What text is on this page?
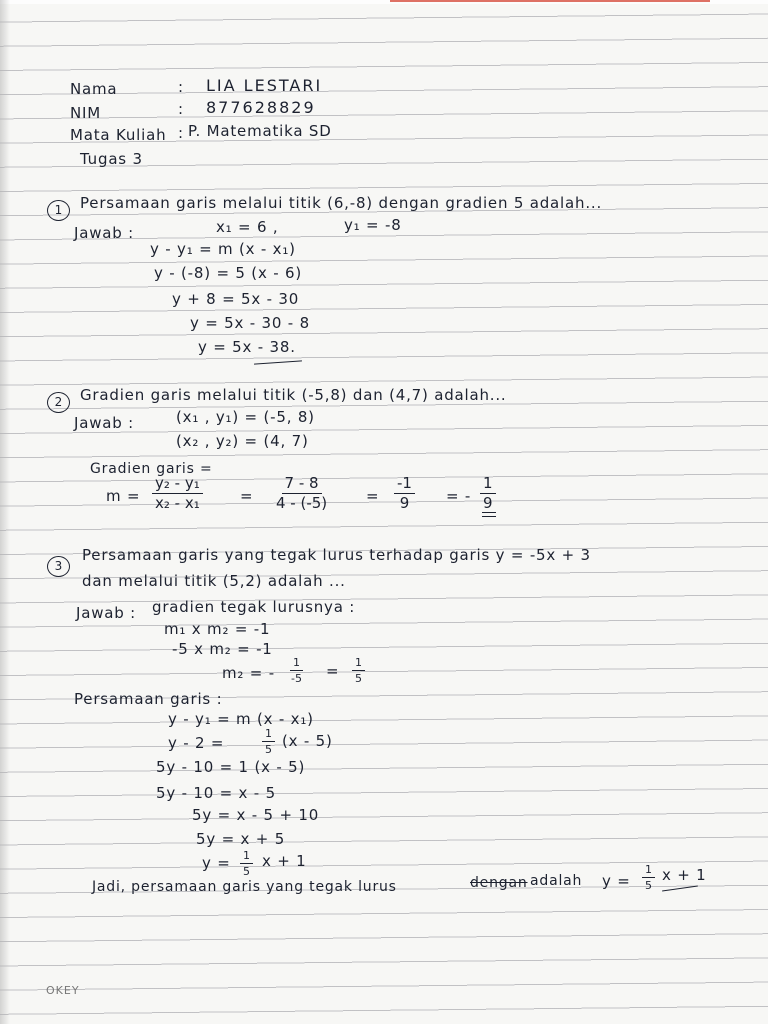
Nama	: LIA LESTARI
NIM	: 877628829
Mata Kuliah : P. Matematika SD
Tugas 3
1	Persamaan garis melalui titik (6,-8) dengan gradien 5 adalah...
Jawab :	x₁ = 6 ,	y₁ = -8
y - y₁ = m (x - x₁)
y - (-8) = 5 (x - 6)
y + 8 = 5x - 30
y = 5x - 30 - 8
y = 5x - 38.
2	Gradien garis melalui titik (-5,8) dan (4,7) adalah...
Jawab :	(x₁ , y₁) = (-5, 8)
(x₂ , y₂) = (4, 7)
Gradien garis =
$m = \frac{\text{y₂ - y₁}}{\text{x₂ - x₁}} = \frac{7 - 8}{4 - (-5)}$	= $\frac{-1}{9}$ = - $\frac{1}{9}$
3
Persamaan garis yang tegak lurus terhadap garis y = -5x + 3
dan melalui titik (5,2) adalah ...
Jawab : gradien tegak lurusnya :
m₁ x m₂ = -1
-5 x m₂ = -1
m₂ = - $\frac{1}{-5} = \frac{1}{5}$
Persamaan garis :
y - y₁ = m (x - x₁)
y - 2 =	$\frac{1}{5} (x - 5)$
5y - 10 = 1 (x - 5)
5y - 10 = x - 5
5y = x - 5 + 10
5y = x + 5
$y = \frac{1}{5}$ x + 1
Jadi, persamaan garis yang tegak lurus	dengan adalah $y = \frac{1}{5}$ x + 1
OKEY
